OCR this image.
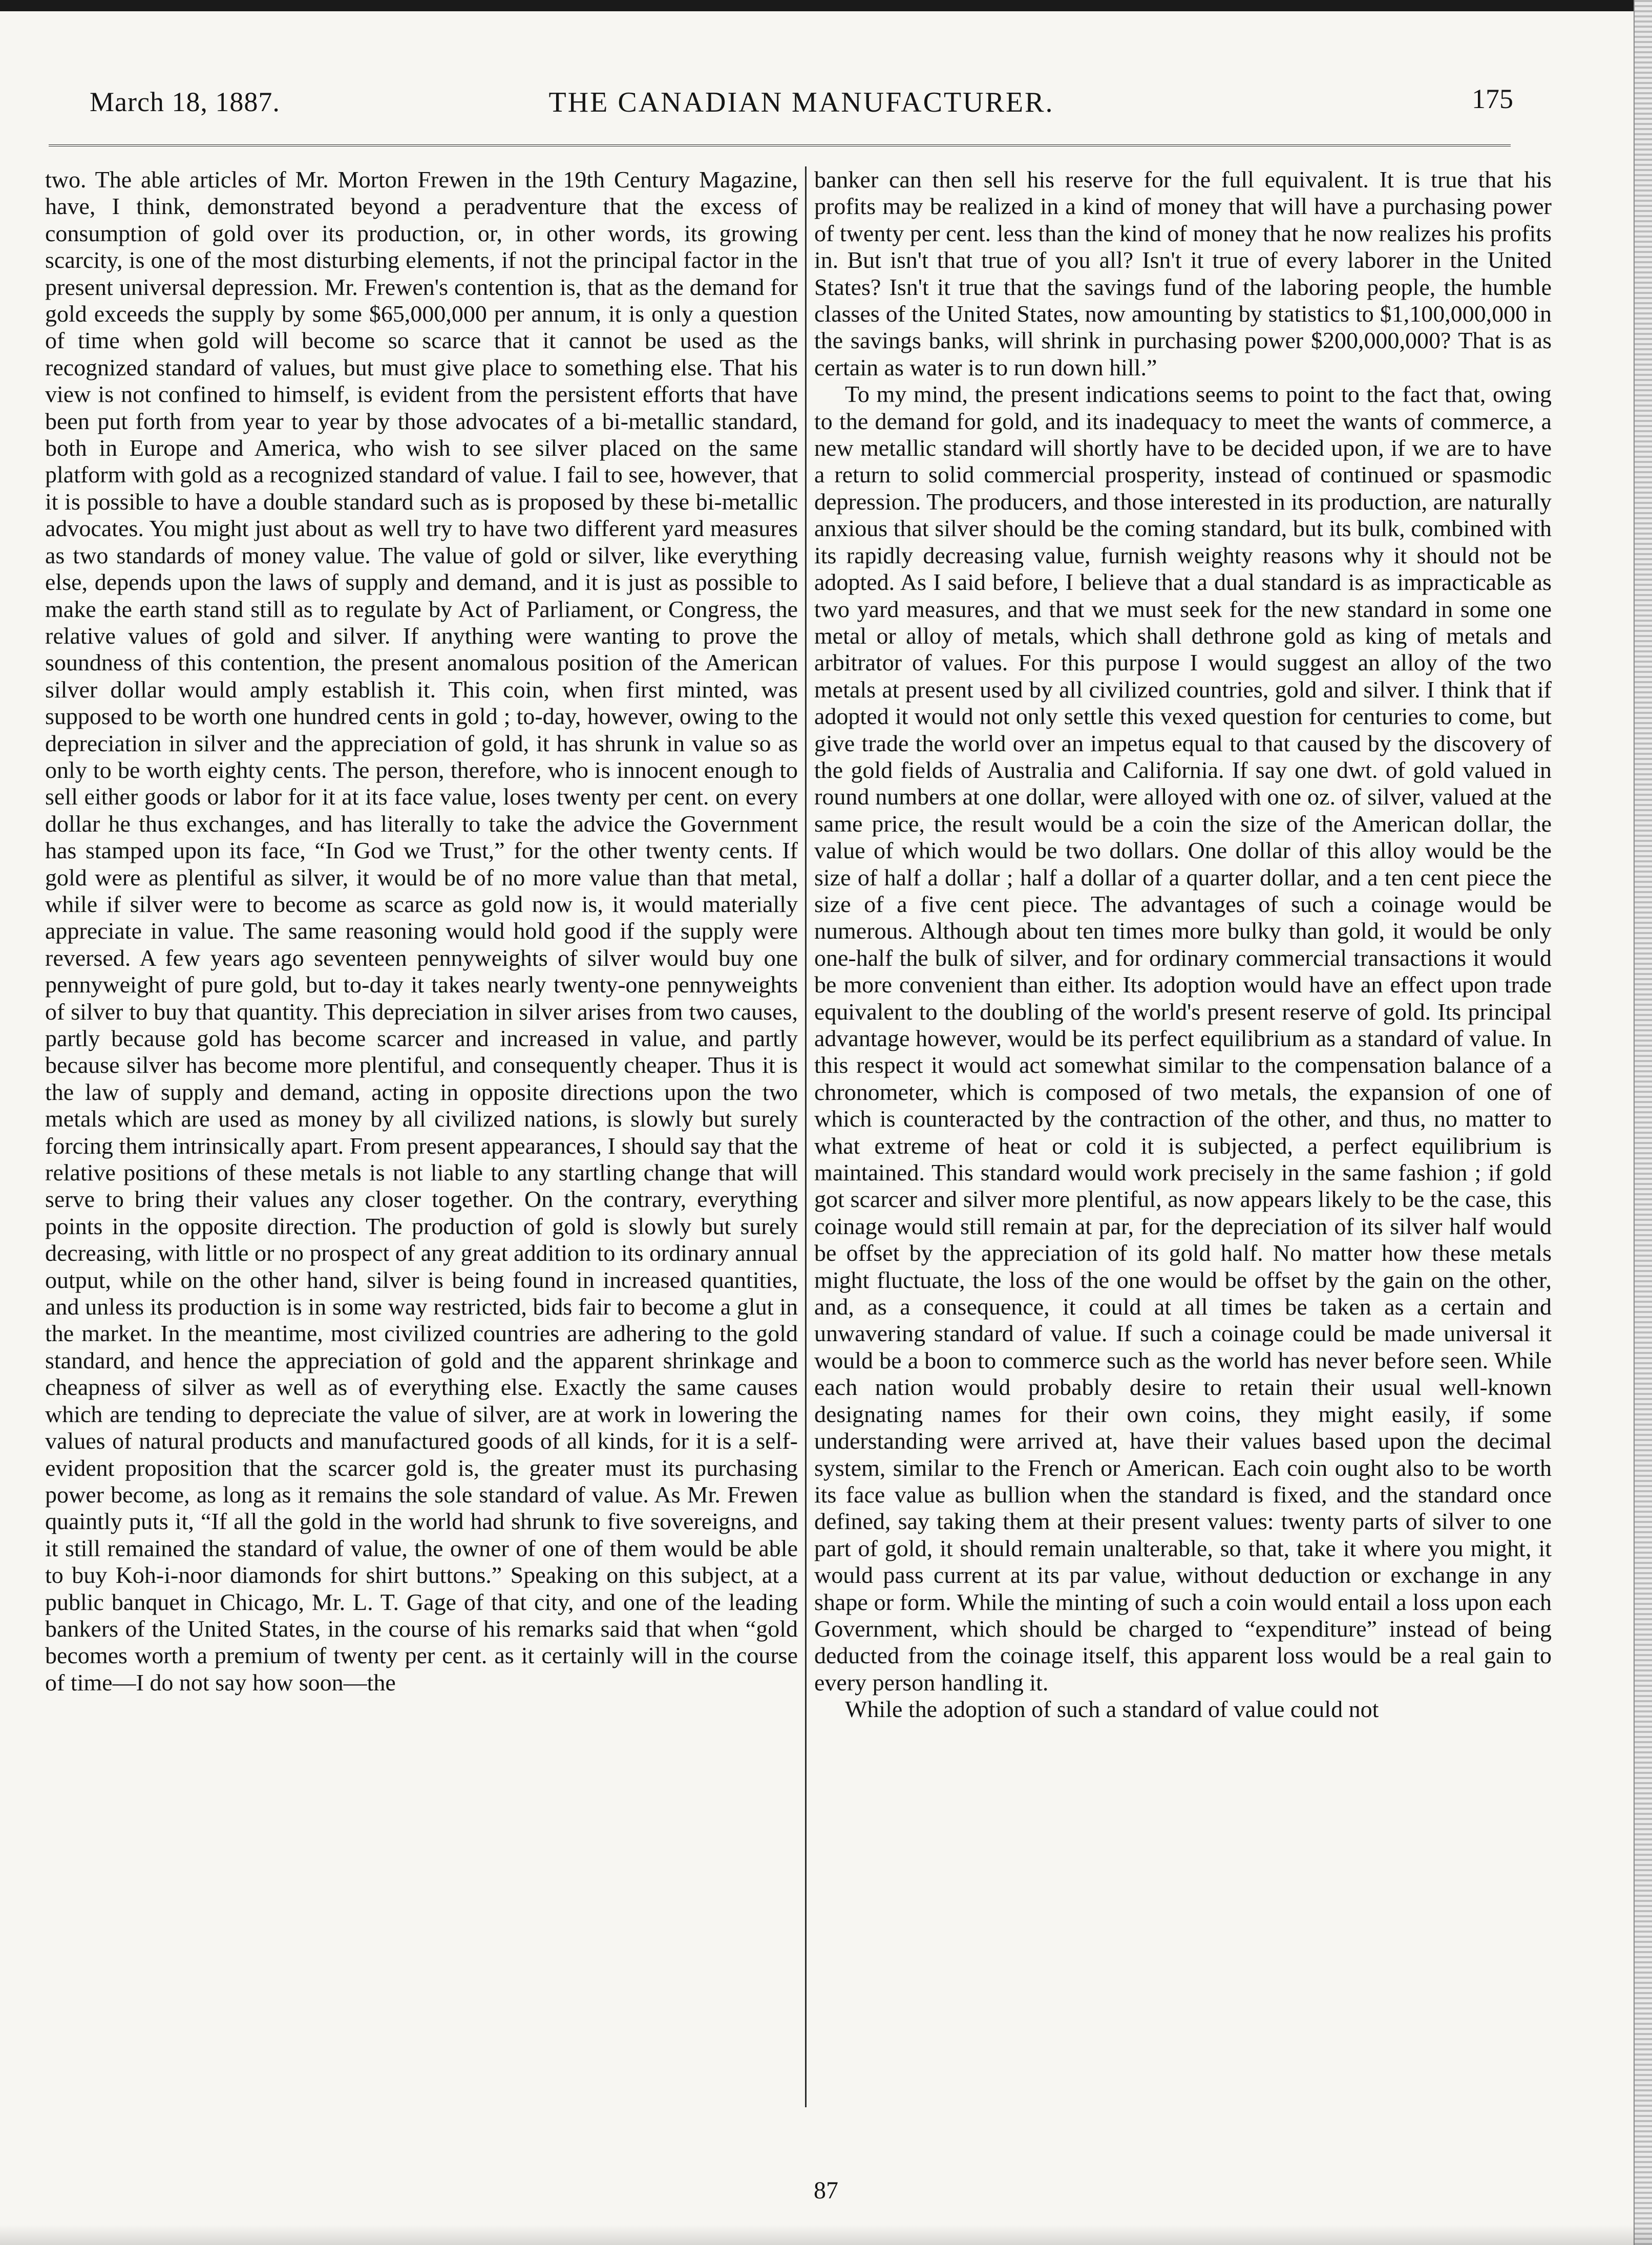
March 18, 1887.	THE CANADIAN MANUFACTURER.	175

two. The able articles of Mr. Morton Frewen in the 19th Century Magazine, have, I think, demonstrated beyond a peradventure that the excess of consumption of gold over its production, or, in other words, its growing scarcity, is one of the most disturbing elements, if not the principal factor in the present universal depression. Mr. Frewen's contention is, that as the demand for gold exceeds the supply by some $65,000,000 per annum, it is only a question of time when gold will become so scarce that it cannot be used as the recognized standard of values, but must give place to something else. That his view is not confined to himself, is evident from the persistent efforts that have been put forth from year to year by those advocates of a bi-metallic standard, both in Europe and America, who wish to see silver placed on the same platform with gold as a recognized standard of value. I fail to see, however, that it is possible to have a double standard such as is proposed by these bi-metallic advocates. You might just about as well try to have two different yard measures as two standards of money value. The value of gold or silver, like everything else, depends upon the laws of supply and demand, and it is just as possible to make the earth stand still as to regulate by Act of Parliament, or Congress, the relative values of gold and silver. If anything were wanting to prove the soundness of this contention, the present anomalous position of the American silver dollar would amply establish it. This coin, when first minted, was supposed to be worth one hundred cents in gold ; to-day, however, owing to the depreciation in silver and the appreciation of gold, it has shrunk in value so as only to be worth eighty cents. The person, therefore, who is innocent enough to sell either goods or labor for it at its face value, loses twenty per cent. on every dollar he thus exchanges, and has literally to take the advice the Government has stamped upon its face, “In God we Trust,” for the other twenty cents. If gold were as plentiful as silver, it would be of no more value than that metal, while if silver were to become as scarce as gold now is, it would materially appreciate in value. The same reasoning would hold good if the supply were reversed. A few years ago seventeen pennyweights of silver would buy one pennyweight of pure gold, but to-day it takes nearly twenty-one pennyweights of silver to buy that quantity. This depreciation in silver arises from two causes, partly because gold has become scarcer and increased in value, and partly because silver has become more plentiful, and consequently cheaper. Thus it is the law of supply and demand, acting in opposite directions upon the two metals which are used as money by all civilized nations, is slowly but surely forcing them intrinsically apart. From present appearances, I should say that the relative positions of these metals is not liable to any startling change that will serve to bring their values any closer together. On the contrary, everything points in the opposite direction. The production of gold is slowly but surely decreasing, with little or no prospect of any great addition to its ordinary annual output, while on the other hand, silver is being found in increased quantities, and unless its production is in some way restricted, bids fair to become a glut in the market. In the meantime, most civilized countries are adhering to the gold standard, and hence the appreciation of gold and the apparent shrinkage and cheapness of silver as well as of everything else. Exactly the same causes which are tending to depreciate the value of silver, are at work in lowering the values of natural products and manufactured goods of all kinds, for it is a self-evident proposition that the scarcer gold is, the greater must its purchasing power become, as long as it remains the sole standard of value. As Mr. Frewen quaintly puts it, “If all the gold in the world had shrunk to five sovereigns, and it still remained the standard of value, the owner of one of them would be able to buy Koh-i-noor diamonds for shirt buttons.” Speaking on this subject, at a public banquet in Chicago, Mr. L. T. Gage of that city, and one of the leading bankers of the United States, in the course of his remarks said that when “gold becomes worth a premium of twenty per cent. as it certainly will in the course of time—I do not say how soon—the

banker can then sell his reserve for the full equivalent. It is true that his profits may be realized in a kind of money that will have a purchasing power of twenty per cent. less than the kind of money that he now realizes his profits in. But isn't that true of you all? Isn't it true of every laborer in the United States? Isn't it true that the savings fund of the laboring people, the humble classes of the United States, now amounting by statistics to $1,100,000,000 in the savings banks, will shrink in purchasing power $200,000,000? That is as certain as water is to run down hill.”

To my mind, the present indications seems to point to the fact that, owing to the demand for gold, and its inadequacy to meet the wants of commerce, a new metallic standard will shortly have to be decided upon, if we are to have a return to solid commercial prosperity, instead of continued or spasmodic depression. The producers, and those interested in its production, are naturally anxious that silver should be the coming standard, but its bulk, combined with its rapidly decreasing value, furnish weighty reasons why it should not be adopted. As I said before, I believe that a dual standard is as impracticable as two yard measures, and that we must seek for the new standard in some one metal or alloy of metals, which shall dethrone gold as king of metals and arbitrator of values. For this purpose I would suggest an alloy of the two metals at present used by all civilized countries, gold and silver. I think that if adopted it would not only settle this vexed question for centuries to come, but give trade the world over an impetus equal to that caused by the discovery of the gold fields of Australia and California. If say one dwt. of gold valued in round numbers at one dollar, were alloyed with one oz. of silver, valued at the same price, the result would be a coin the size of the American dollar, the value of which would be two dollars. One dollar of this alloy would be the size of half a dollar ; half a dollar of a quarter dollar, and a ten cent piece the size of a five cent piece. The advantages of such a coinage would be numerous. Although about ten times more bulky than gold, it would be only one-half the bulk of silver, and for ordinary commercial transactions it would be more convenient than either. Its adoption would have an effect upon trade equivalent to the doubling of the world's present reserve of gold. Its principal advantage however, would be its perfect equilibrium as a standard of value. In this respect it would act somewhat similar to the compensation balance of a chronometer, which is composed of two metals, the expansion of one of which is counteracted by the contraction of the other, and thus, no matter to what extreme of heat or cold it is subjected, a perfect equilibrium is maintained. This standard would work precisely in the same fashion ; if gold got scarcer and silver more plentiful, as now appears likely to be the case, this coinage would still remain at par, for the depreciation of its silver half would be offset by the appreciation of its gold half. No matter how these metals might fluctuate, the loss of the one would be offset by the gain on the other, and, as a consequence, it could at all times be taken as a certain and unwavering standard of value. If such a coinage could be made universal it would be a boon to commerce such as the world has never before seen. While each nation would probably desire to retain their usual well-known designating names for their own coins, they might easily, if some understanding were arrived at, have their values based upon the decimal system, similar to the French or American. Each coin ought also to be worth its face value as bullion when the standard is fixed, and the standard once defined, say taking them at their present values: twenty parts of silver to one part of gold, it should remain unalterable, so that, take it where you might, it would pass current at its par value, without deduction or exchange in any shape or form. While the minting of such a coin would entail a loss upon each Government, which should be charged to “expenditure” instead of being deducted from the coinage itself, this apparent loss would be a real gain to every person handling it.

While the adoption of such a standard of value could not

87
